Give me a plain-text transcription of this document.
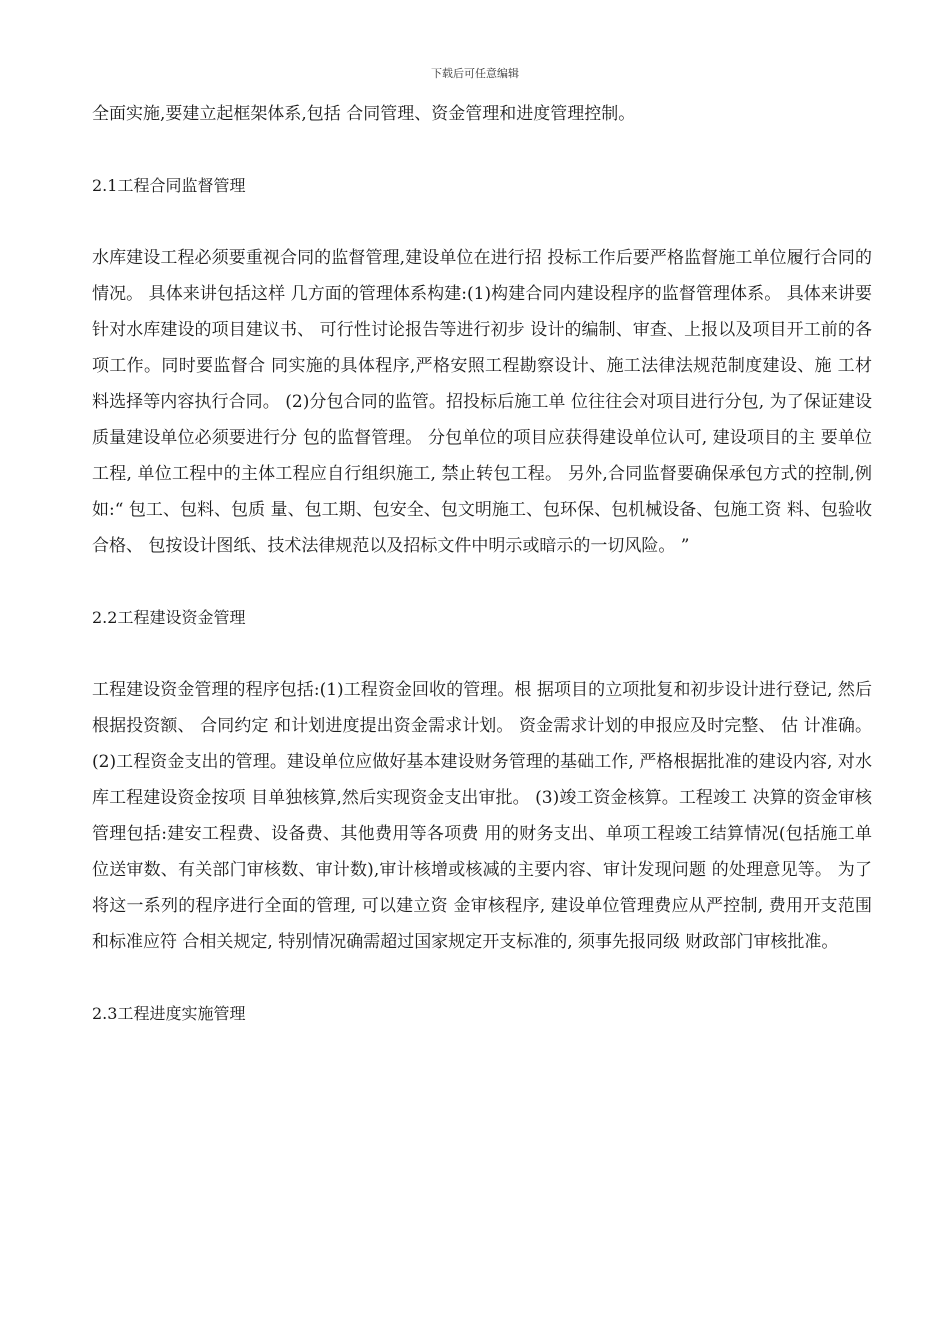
下载后可任意编辑

全面实施,要建立起框架体系,包括 合同管理、资金管理和进度管理控制。

2.1工程合同监督管理

水库建设工程必须要重视合同的监督管理,建设单位在进行招 投标工作后要严格监督施工单位履行合同的情况。 具体来讲包括这样 几方面的管理体系构建:(1)构建合同内建设程序的监督管理体系。 具体来讲要针对水库建设的项目建议书、 可行性讨论报告等进行初步 设计的编制、审查、上报以及项目开工前的各项工作。同时要监督合 同实施的具体程序,严格安照工程勘察设计、施工法律法规范制度建设、施 工材料选择等内容执行合同。 (2)分包合同的监管。招投标后施工单 位往往会对项目进行分包, 为了保证建设质量建设单位必须要进行分 包的监督管理。 分包单位的项目应获得建设单位认可, 建设项目的主 要单位工程, 单位工程中的主体工程应自行组织施工, 禁止转包工程。 另外,合同监督要确保承包方式的控制,例如:“ 包工、包料、包质 量、包工期、包安全、包文明施工、包环保、包机械设备、包施工资 料、包验收合格、 包按设计图纸、技术法律规范以及招标文件中明示或暗示的一切风险。 ”

2.2工程建设资金管理

工程建设资金管理的程序包括:(1)工程资金回收的管理。根 据项目的立项批复和初步设计进行登记, 然后根据投资额、 合同约定 和计划进度提出资金需求计划。 资金需求计划的申报应及时完整、 估 计准确。 (2)工程资金支出的管理。建设单位应做好基本建设财务管理的基础工作, 严格根据批准的建设内容, 对水库工程建设资金按项 目单独核算,然后实现资金支出审批。 (3)竣工资金核算。工程竣工 决算的资金审核管理包括:建安工程费、设备费、其他费用等各项费 用的财务支出、单项工程竣工结算情况(包括施工单位送审数、有关部门审核数、审计数),审计核增或核减的主要内容、审计发现问题 的处理意见等。 为了将这一系列的程序进行全面的管理, 可以建立资 金审核程序, 建设单位管理费应从严控制, 费用开支范围和标准应符 合相关规定, 特别情况确需超过国家规定开支标准的, 须事先报同级 财政部门审核批准。

2.3工程进度实施管理
